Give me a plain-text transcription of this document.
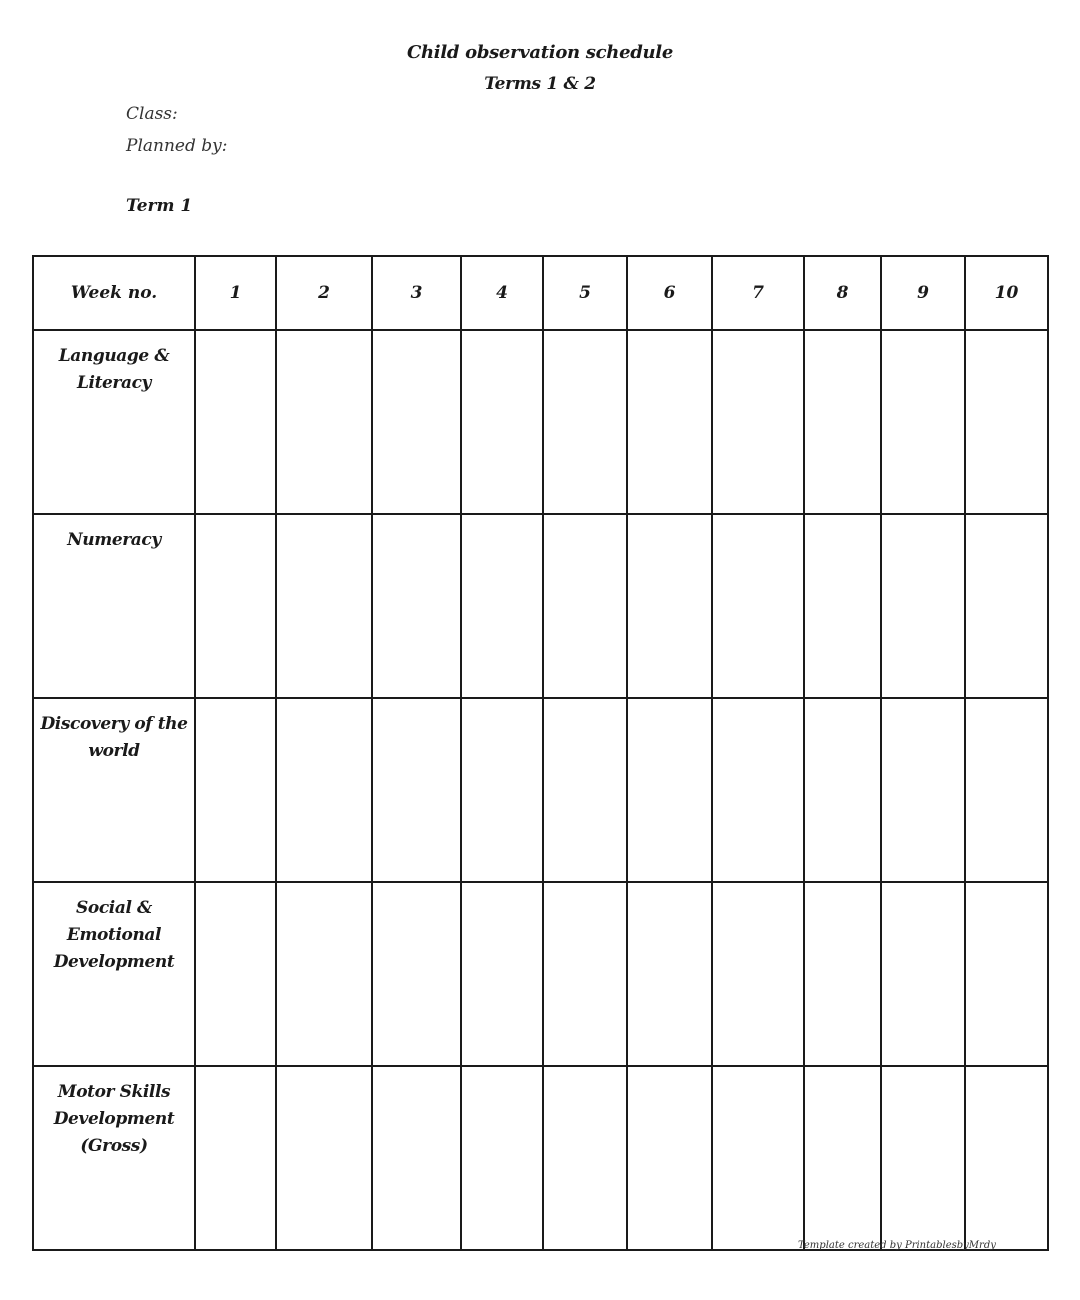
Child observation schedule
Terms 1 & 2
Class:
Planned by:
Term 1
Week no.	1	2	3	4	5	6	7	8	9	10

Language &
Literacy										

Numeracy										

Discovery of the
world										

Social & Emotional
Development										

Motor Skills
Development
(Gross)										

Template created by PrintablesbyMrdy
